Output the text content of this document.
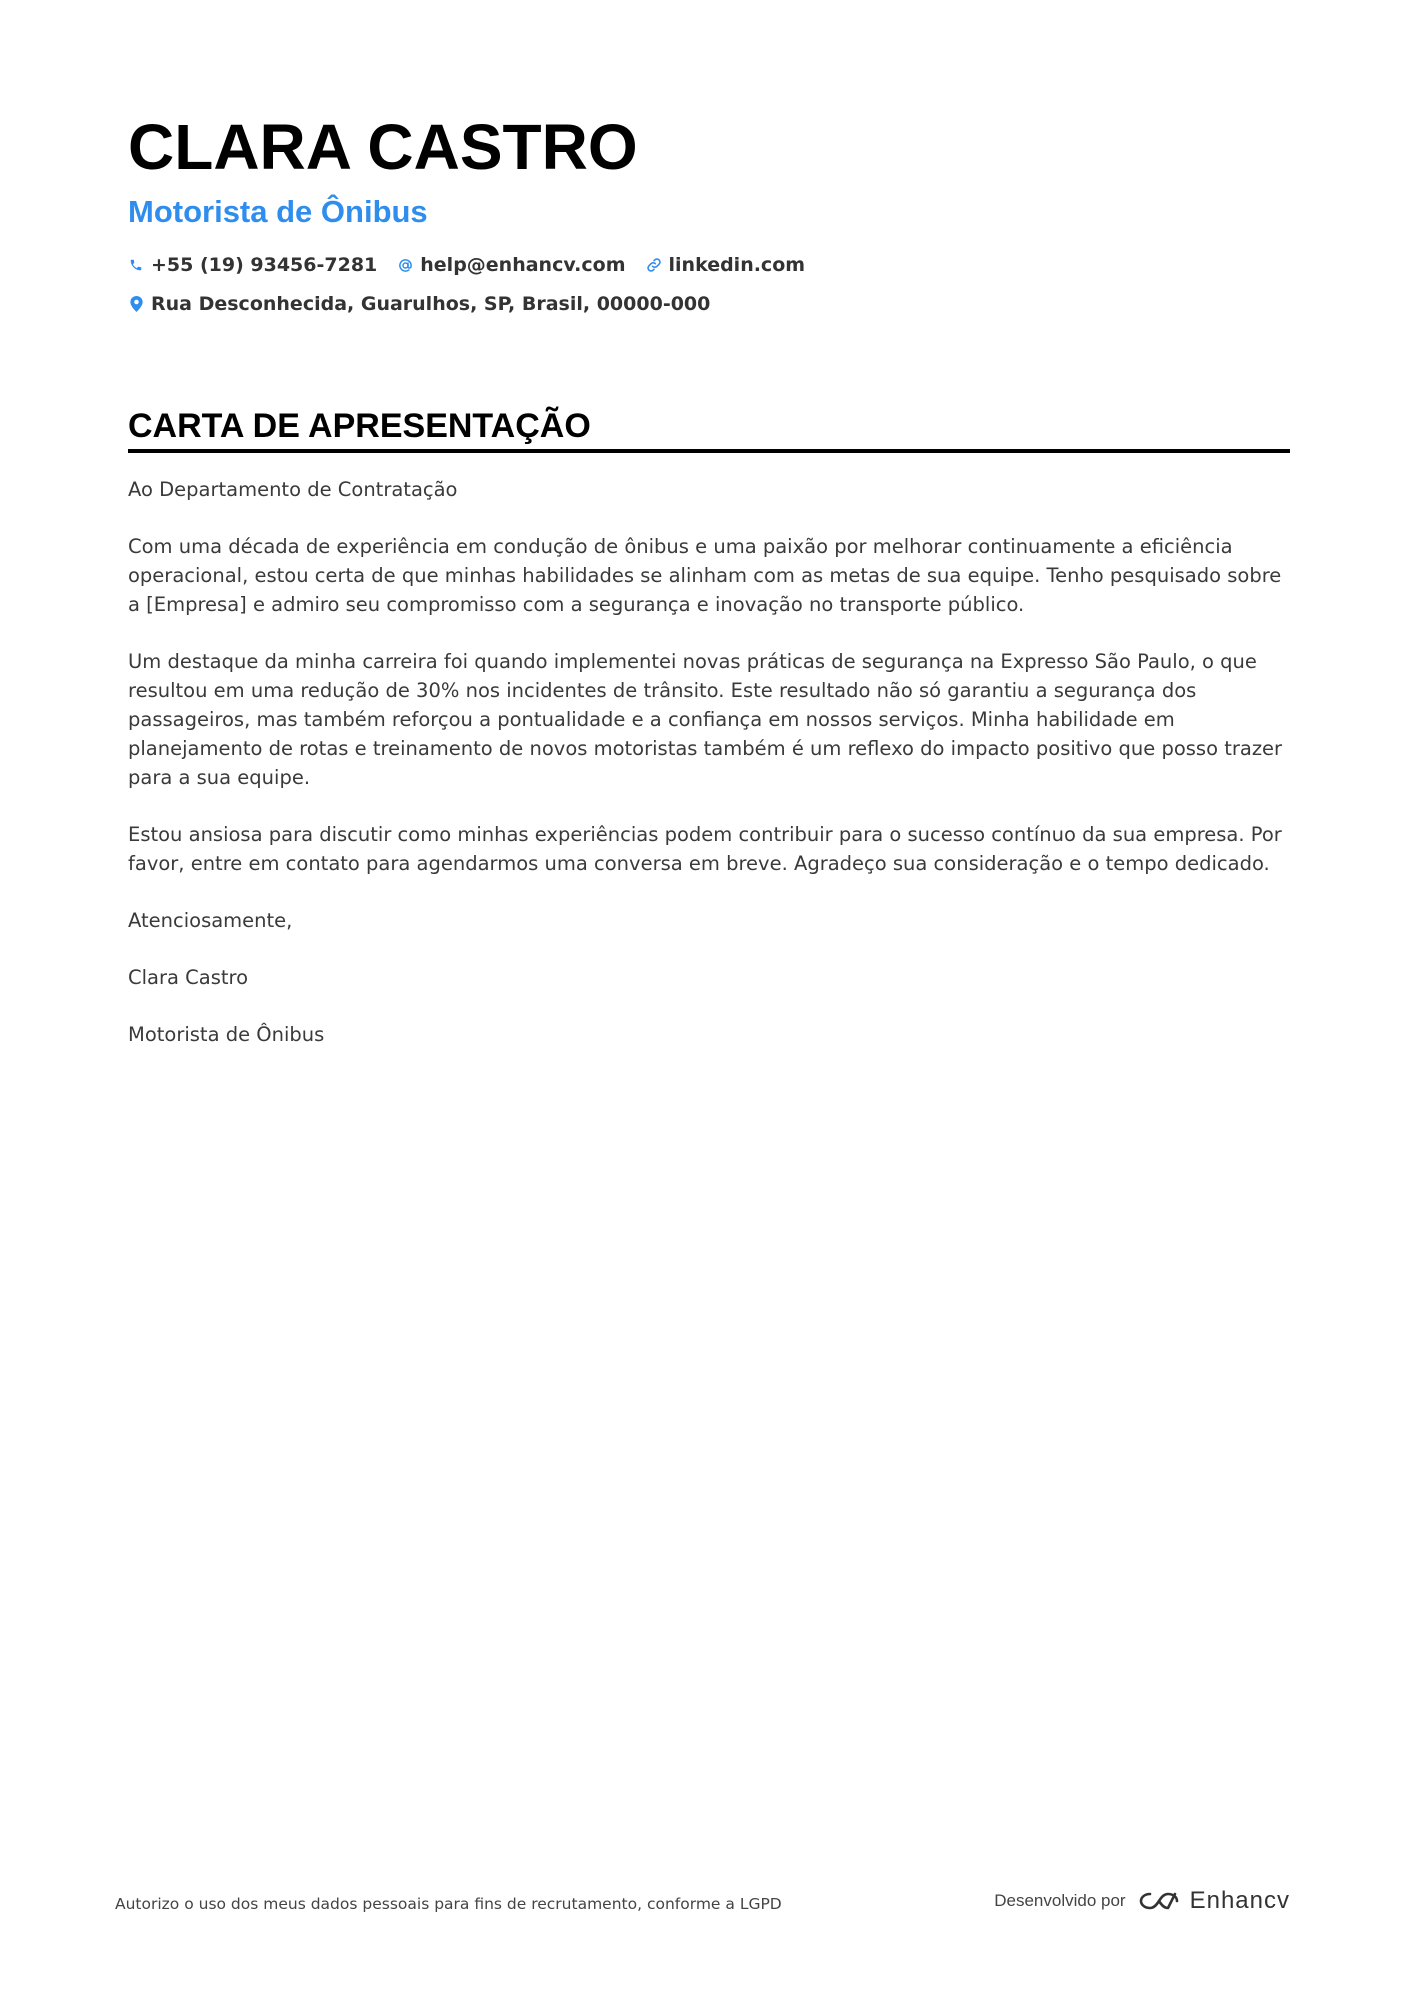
CLARA CASTRO
Motorista de Ônibus
+55 (19) 93456-7281 help@enhancv.com linkedin.com
Rua Desconhecida, Guarulhos, SP, Brasil, 00000-000
CARTA DE APRESENTAÇÃO

Ao Departamento de Contratação

Com uma década de experiência em condução de ônibus e uma paixão por melhorar continuamente a eficiência operacional, estou certa de que minhas habilidades se alinham com as metas de sua equipe. Tenho pesquisado sobre a [Empresa] e admiro seu compromisso com a segurança e inovação no transporte público.

Um destaque da minha carreira foi quando implementei novas práticas de segurança na Expresso São Paulo, o que resultou em uma redução de 30% nos incidentes de trânsito. Este resultado não só garantiu a segurança dos passageiros, mas também reforçou a pontualidade e a confiança em nossos serviços. Minha habilidade em planejamento de rotas e treinamento de novos motoristas também é um reflexo do impacto positivo que posso trazer para a sua equipe.

Estou ansiosa para discutir como minhas experiências podem contribuir para o sucesso contínuo da sua empresa. Por favor, entre em contato para agendarmos uma conversa em breve. Agradeço sua consideração e o tempo dedicado.

Atenciosamente,

Clara Castro

Motorista de Ônibus

Autorizo o uso dos meus dados pessoais para fins de recrutamento, conforme a LGPD	Desenvolvido por	Enhancv
